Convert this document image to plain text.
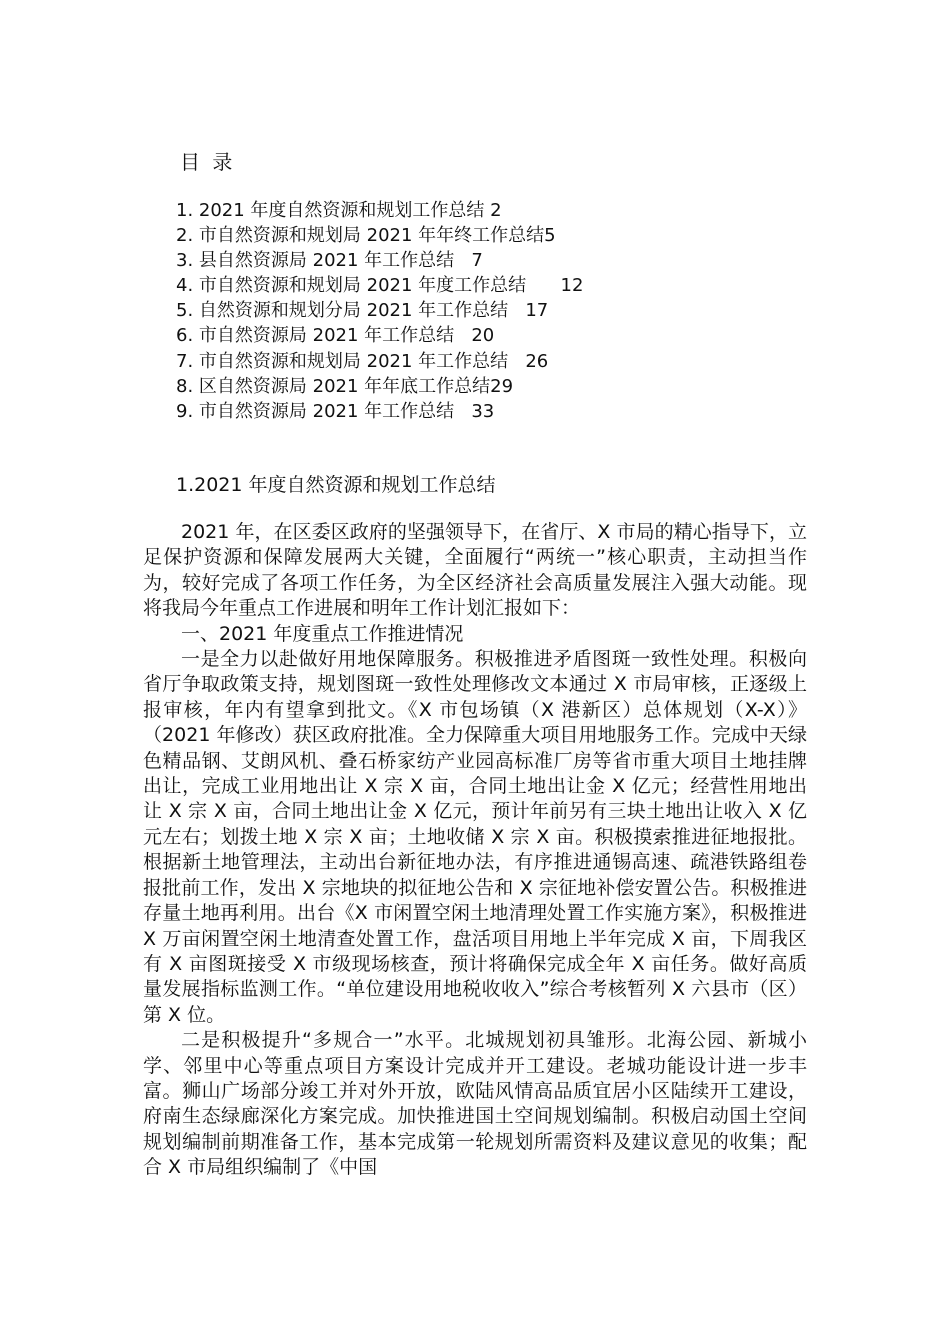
目 录
1. 2021 年度自然资源和规划工作总结 2
2. 市自然资源和规划局 2021 年年终工作总结5
3. 县自然资源局 2021 年工作总结 7
4. 市自然资源和规划局 2021 年度工作总结 12
5. 自然资源和规划分局 2021 年工作总结 17
6. 市自然资源局 2021 年工作总结 20
7. 市自然资源和规划局 2021 年工作总结 26
8. 区自然资源局 2021 年年底工作总结29
9. 市自然资源局 2021 年工作总结 33
1.2021 年度自然资源和规划工作总结

2021 年，在区委区政府的坚强领导下，在省厅、X 市局的精心指导下，立足保护资源和保障发展两大关键，全面履行“两统一”核心职责，主动担当作为，较好完成了各项工作任务，为全区经济社会高质量发展注入强大动能。现将我局今年重点工作进展和明年工作计划汇报如下：

一、2021 年度重点工作推进情况

一是全力以赴做好用地保障服务。积极推进矛盾图斑一致性处理。积极向省厅争取政策支持，规划图斑一致性处理修改文本通过 X 市局审核，正逐级上报审核，年内有望拿到批文。《X 市包场镇（X 港新区）总体规划（X-X）》（2021 年修改）获区政府批准。全力保障重大项目用地服务工作。完成中天绿色精品钢、艾朗风机、叠石桥家纺产业园高标准厂房等省市重大项目土地挂牌出让，完成工业用地出让 X 宗 X 亩，合同土地出让金 X 亿元；经营性用地出让 X 宗 X 亩，合同土地出让金 X 亿元，预计年前另有三块土地出让收入 X 亿元左右；划拨土地 X 宗 X 亩；土地收储 X 宗 X 亩。积极摸索推进征地报批。根据新土地管理法，主动出台新征地办法，有序推进通锡高速、疏港铁路组卷报批前工作，发出 X 宗地块的拟征地公告和 X 宗征地补偿安置公告。积极推进存量土地再利用。出台《X 市闲置空闲土地清理处置工作实施方案》，积极推进 X 万亩闲置空闲土地清查处置工作，盘活项目用地上半年完成 X 亩，下周我区有 X 亩图斑接受 X 市级现场核查，预计将确保完成全年 X 亩任务。做好高质量发展指标监测工作。“单位建设用地税收收入”综合考核暂列 X 六县市（区）第 X 位。

二是积极提升“多规合一”水平。北城规划初具雏形。北海公园、新城小学、邻里中心等重点项目方案设计完成并开工建设。老城功能设计进一步丰富。狮山广场部分竣工并对外开放，欧陆风情高品质宜居小区陆续开工建设，府南生态绿廊深化方案完成。加快推进国土空间规划编制。积极启动国土空间规划编制前期准备工作，基本完成第一轮规划所需资料及建议意见的收集；配合 X 市局组织编制了《中国
